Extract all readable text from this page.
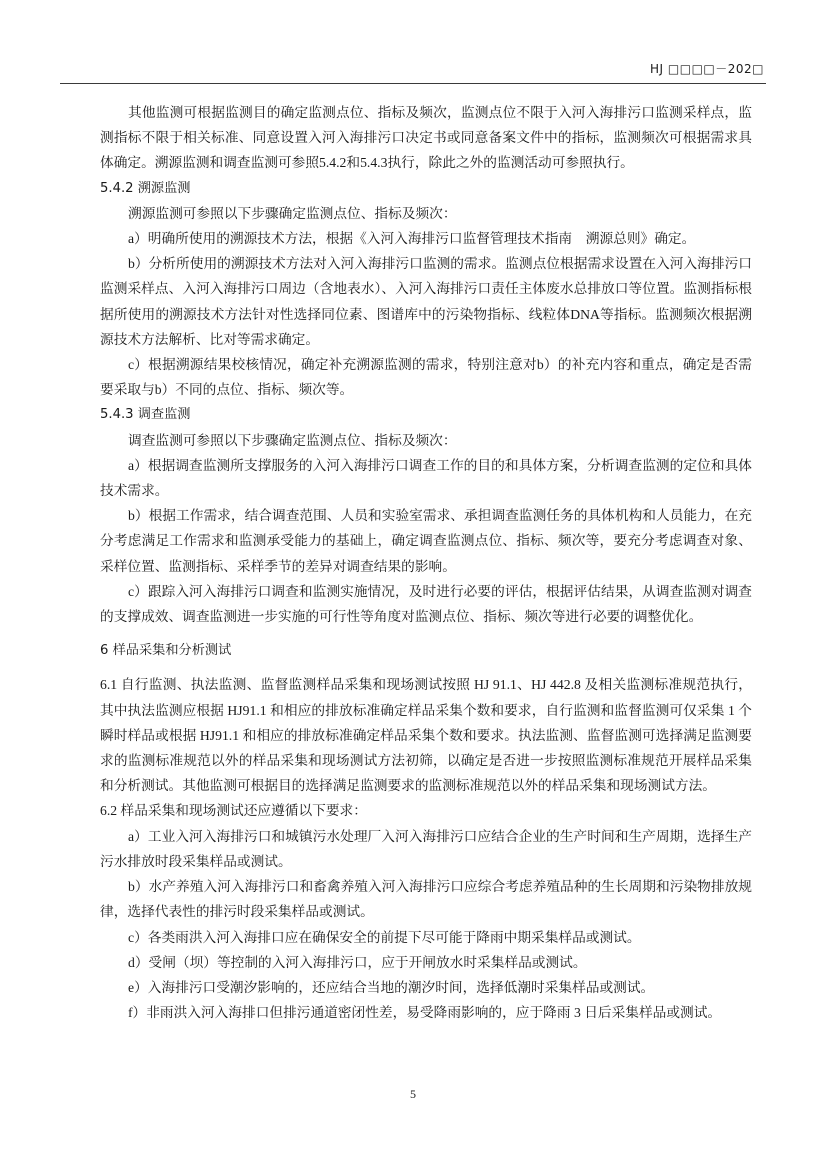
HJ □□□□－202□

其他监测可根据监测目的确定监测点位、指标及频次，监测点位不限于入河入海排污口监测采样点，监测指标不限于相关标准、同意设置入河入海排污口决定书或同意备案文件中的指标，监测频次可根据需求具体确定。溯源监测和调查监测可参照5.4.2和5.4.3执行，除此之外的监测活动可参照执行。

5.4.2 溯源监测

溯源监测可参照以下步骤确定监测点位、指标及频次：

a）明确所使用的溯源技术方法，根据《入河入海排污口监督管理技术指南　溯源总则》确定。

b）分析所使用的溯源技术方法对入河入海排污口监测的需求。监测点位根据需求设置在入河入海排污口监测采样点、入河入海排污口周边（含地表水）、入河入海排污口责任主体废水总排放口等位置。监测指标根据所使用的溯源技术方法针对性选择同位素、图谱库中的污染物指标、线粒体DNA等指标。监测频次根据溯源技术方法解析、比对等需求确定。

c）根据溯源结果校核情况，确定补充溯源监测的需求，特别注意对b）的补充内容和重点，确定是否需要采取与b）不同的点位、指标、频次等。

5.4.3 调查监测

调查监测可参照以下步骤确定监测点位、指标及频次：

a）根据调查监测所支撑服务的入河入海排污口调查工作的目的和具体方案，分析调查监测的定位和具体技术需求。

b）根据工作需求，结合调查范围、人员和实验室需求、承担调查监测任务的具体机构和人员能力，在充分考虑满足工作需求和监测承受能力的基础上，确定调查监测点位、指标、频次等，要充分考虑调查对象、采样位置、监测指标、采样季节的差异对调查结果的影响。

c）跟踪入河入海排污口调查和监测实施情况，及时进行必要的评估，根据评估结果，从调查监测对调查的支撑成效、调查监测进一步实施的可行性等角度对监测点位、指标、频次等进行必要的调整优化。

6 样品采集和分析测试

6.1 自行监测、执法监测、监督监测样品采集和现场测试按照 HJ 91.1、HJ 442.8 及相关监测标准规范执行，其中执法监测应根据 HJ91.1 和相应的排放标准确定样品采集个数和要求，自行监测和监督监测可仅采集 1 个瞬时样品或根据 HJ91.1 和相应的排放标准确定样品采集个数和要求。执法监测、监督监测可选择满足监测要求的监测标准规范以外的样品采集和现场测试方法初筛，以确定是否进一步按照监测标准规范开展样品采集和分析测试。其他监测可根据目的选择满足监测要求的监测标准规范以外的样品采集和现场测试方法。

6.2 样品采集和现场测试还应遵循以下要求：

a）工业入河入海排污口和城镇污水处理厂入河入海排污口应结合企业的生产时间和生产周期，选择生产污水排放时段采集样品或测试。

b）水产养殖入河入海排污口和畜禽养殖入河入海排污口应综合考虑养殖品种的生长周期和污染物排放规律，选择代表性的排污时段采集样品或测试。

c）各类雨洪入河入海排口应在确保安全的前提下尽可能于降雨中期采集样品或测试。

d）受闸（坝）等控制的入河入海排污口，应于开闸放水时采集样品或测试。

e）入海排污口受潮汐影响的，还应结合当地的潮汐时间，选择低潮时采集样品或测试。

f）非雨洪入河入海排口但排污通道密闭性差，易受降雨影响的，应于降雨 3 日后采集样品或测试。

5
